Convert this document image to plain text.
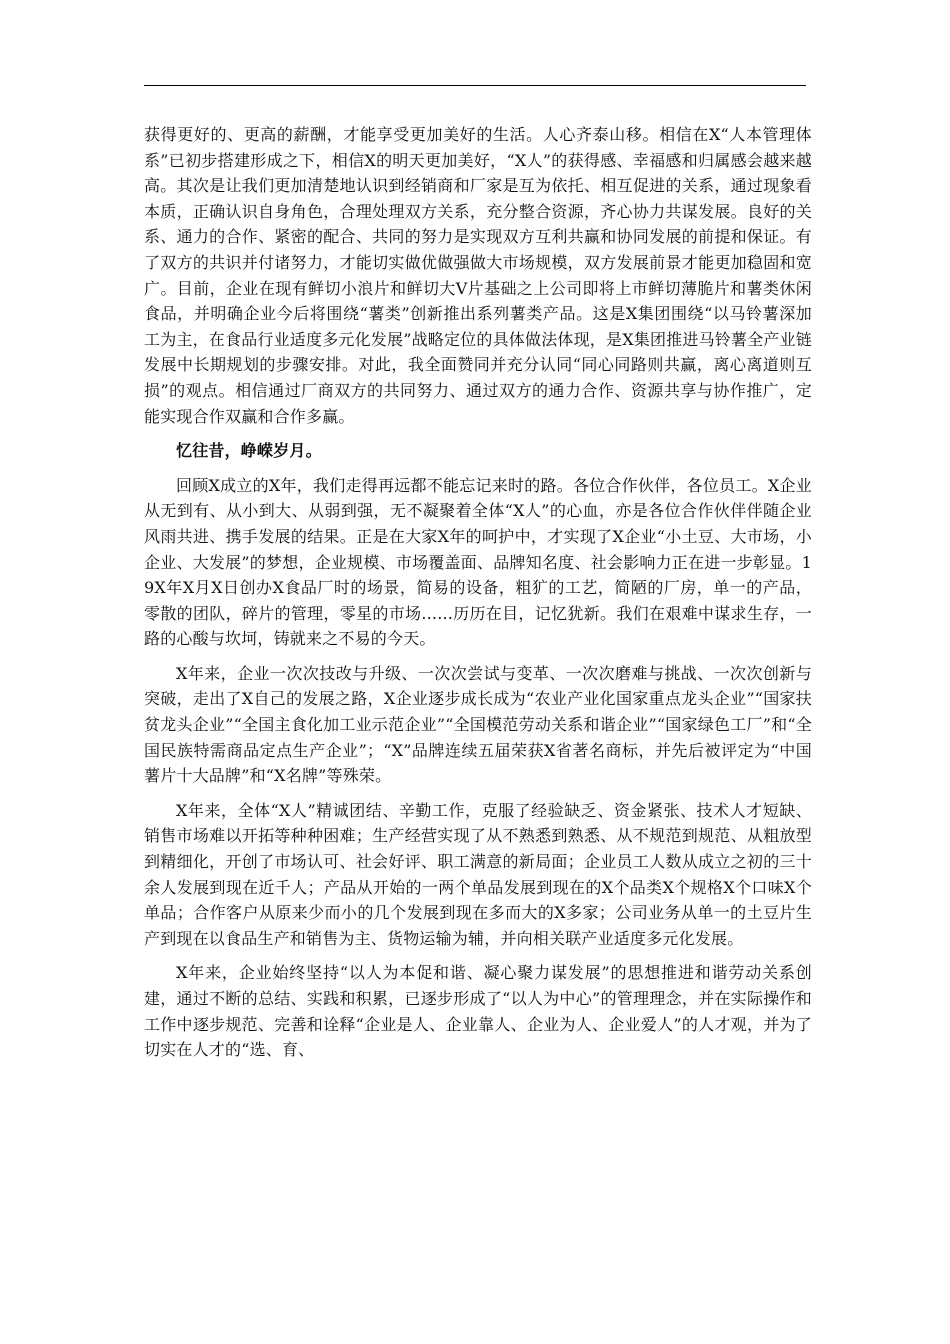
获得更好的、更高的薪酬，才能享受更加美好的生活。人心齐泰山移。相信在X“人本管理体系”已初步搭建形成之下，相信X的明天更加美好，“X人”的获得感、幸福感和归属感会越来越高。其次是让我们更加清楚地认识到经销商和厂家是互为依托、相互促进的关系，通过现象看本质，正确认识自身角色，合理处理双方关系，充分整合资源，齐心协力共谋发展。良好的关系、通力的合作、紧密的配合、共同的努力是实现双方互利共赢和协同发展的前提和保证。有了双方的共识并付诸努力，才能切实做优做强做大市场规模，双方发展前景才能更加稳固和宽广。目前，企业在现有鲜切小浪片和鲜切大V片基础之上公司即将上市鲜切薄脆片和薯类休闲食品，并明确企业今后将围绕“薯类”创新推出系列薯类产品。这是X集团围绕“以马铃薯深加工为主，在食品行业适度多元化发展”战略定位的具体做法体现，是X集团推进马铃薯全产业链发展中长期规划的步骤安排。对此，我全面赞同并充分认同“同心同路则共赢，离心离道则互损”的观点。相信通过厂商双方的共同努力、通过双方的通力合作、资源共享与协作推广，定能实现合作双赢和合作多赢。

忆往昔，峥嵘岁月。

回顾X成立的X年，我们走得再远都不能忘记来时的路。各位合作伙伴，各位员工。X企业从无到有、从小到大、从弱到强，无不凝聚着全体“X人”的心血，亦是各位合作伙伴伴随企业风雨共进、携手发展的结果。正是在大家X年的呵护中，才实现了X企业“小土豆、大市场，小企业、大发展”的梦想，企业规模、市场覆盖面、品牌知名度、社会影响力正在进一步彰显。19X年X月X日创办X食品厂时的场景，简易的设备，粗犷的工艺，简陋的厂房，单一的产品，零散的团队，碎片的管理，零星的市场......历历在目，记忆犹新。我们在艰难中谋求生存，一路的心酸与坎坷，铸就来之不易的今天。

X年来，企业一次次技改与升级、一次次尝试与变革、一次次磨难与挑战、一次次创新与突破，走出了X自己的发展之路，X企业逐步成长成为“农业产业化国家重点龙头企业”“国家扶贫龙头企业”“全国主食化加工业示范企业”“全国模范劳动关系和谐企业”“国家绿色工厂”和“全国民族特需商品定点生产企业”；“X”品牌连续五届荣获X省著名商标，并先后被评定为“中国薯片十大品牌”和“X名牌”等殊荣。

X年来，全体“X人”精诚团结、辛勤工作，克服了经验缺乏、资金紧张、技术人才短缺、销售市场难以开拓等种种困难；生产经营实现了从不熟悉到熟悉、从不规范到规范、从粗放型到精细化，开创了市场认可、社会好评、职工满意的新局面；企业员工人数从成立之初的三十余人发展到现在近千人；产品从开始的一两个单品发展到现在的X个品类X个规格X个口味X个单品；合作客户从原来少而小的几个发展到现在多而大的X多家；公司业务从单一的土豆片生产到现在以食品生产和销售为主、货物运输为辅，并向相关联产业适度多元化发展。

X年来，企业始终坚持“以人为本促和谐、凝心聚力谋发展”的思想推进和谐劳动关系创建，通过不断的总结、实践和积累，已逐步形成了“以人为中心”的管理理念，并在实际操作和工作中逐步规范、完善和诠释“企业是人、企业靠人、企业为人、企业爱人”的人才观，并为了切实在人才的“选、育、
